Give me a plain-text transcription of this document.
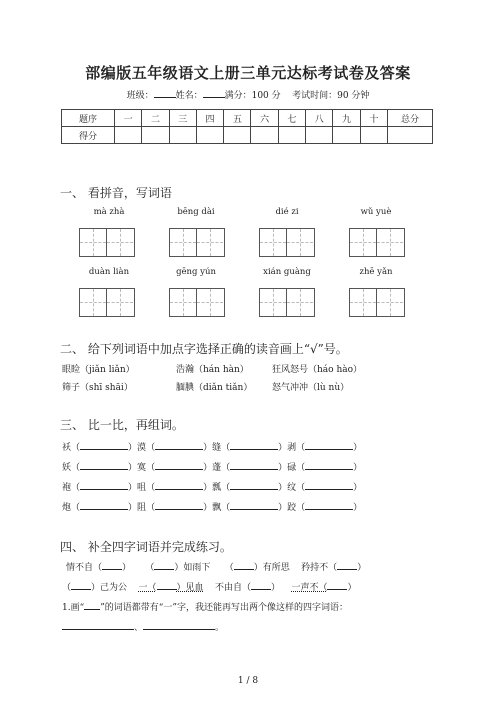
部编版五年级语文上册三单元达标考试卷及答案
班级： 姓名： 满分：100 分 考试时间：90 分钟
题序	一	二	三	四	五	六	七	八	九	十	总分
得分											
一、 看拼音，写词语
mà zhà	bēng dài	dié zi	wǔ yuè
duàn liàn	gēng yún	xián guàng	zhē yǎn
二、 给下列词语中加点字选择正确的读音画上“√”号。
眼睑（jiǎn liǎn）	浩瀚（hán hàn）	狂风怒号（háo hào）
筛子（shī shāi）	腼腆（diǎn tiǎn） 怒气冲冲（lù nù）
三、 比一比，再组词。
袄（	）漠（	）缝（	）剥（	）
妖（	）寞（	）蓬（	）碌（	）
袍（	）咀（	）瓢（	）纹（	）
炮（	）阻（	）飘（	）跤（	）
四、 补全四字词语并完成练习。
情不自（ ） （ ）如雨下 （ ）有所思 矜持不（ ）
（ ）己为公 一（ ）见血 不由自（ ） 一声不（ ）
1.画“ ”的词语都带有“一”字，我还能再写出两个像这样的四字词语：
、	。
1 / 8
